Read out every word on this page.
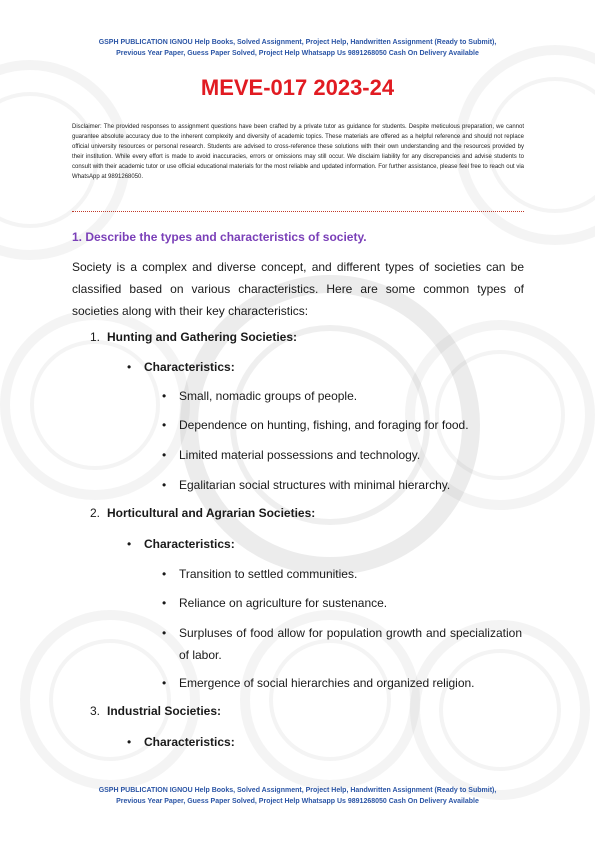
GSPH PUBLICATION IGNOU Help Books, Solved Assignment, Project Help, Handwritten Assignment (Ready to Submit),
Previous Year Paper, Guess Paper Solved, Project Help Whatsapp Us 9891268050 Cash On Delivery Available
MEVE-017 2023-24
Disclaimer: The provided responses to assignment questions have been crafted by a private tutor as guidance for students. Despite meticulous preparation, we cannot guarantee absolute accuracy due to the inherent complexity and diversity of academic topics. These materials are offered as a helpful reference and should not replace official university resources or personal research. Students are advised to cross-reference these solutions with their own understanding and the resources provided by their institution. While every effort is made to avoid inaccuracies, errors or omissions may still occur. We disclaim liability for any discrepancies and advise students to consult with their academic tutor or use official educational materials for the most reliable and updated information. For further assistance, please feel free to reach out via WhatsApp at 9891268050.
1. Describe the types and characteristics of society.
Society is a complex and diverse concept, and different types of societies can be classified based on various characteristics. Here are some common types of societies along with their key characteristics:
1. Hunting and Gathering Societies:
• Characteristics:
• Small, nomadic groups of people.
• Dependence on hunting, fishing, and foraging for food.
• Limited material possessions and technology.
• Egalitarian social structures with minimal hierarchy.
2. Horticultural and Agrarian Societies:
• Characteristics:
• Transition to settled communities.
• Reliance on agriculture for sustenance.
• Surpluses of food allow for population growth and specialization of labor.
• Emergence of social hierarchies and organized religion.
3. Industrial Societies:
• Characteristics:
GSPH PUBLICATION IGNOU Help Books, Solved Assignment, Project Help, Handwritten Assignment (Ready to Submit),
Previous Year Paper, Guess Paper Solved, Project Help Whatsapp Us 9891268050 Cash On Delivery Available
